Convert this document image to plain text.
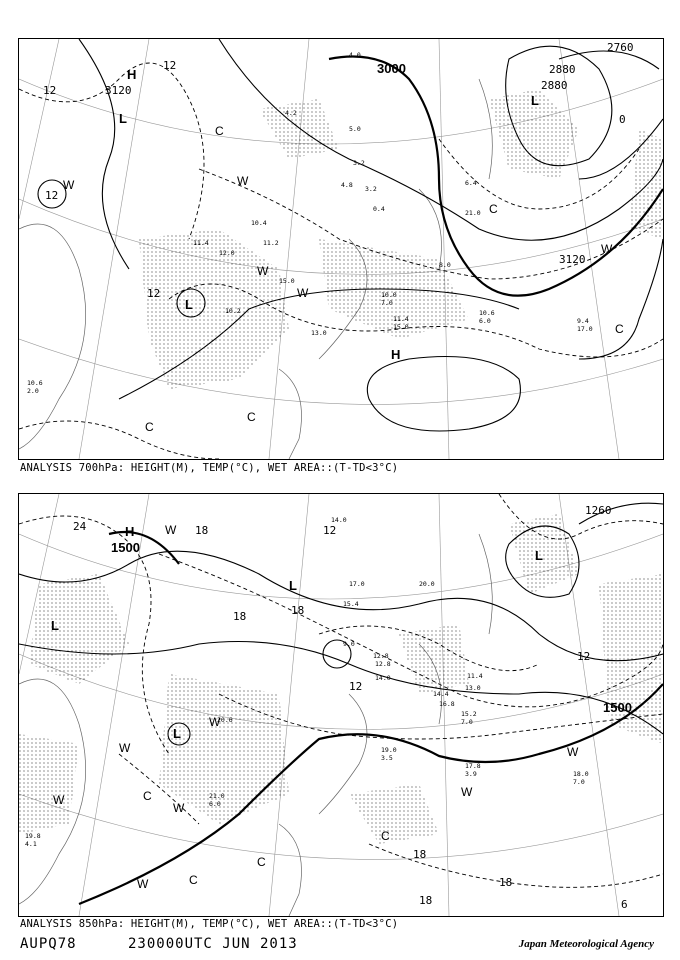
3000
3120
3120
2880
2880
2760
12
12
12
12
0
H
L
L
L
H
W	W
W
W
W
C
C
C
C
C
4.0
4.2
5.0
3.2
4.8 3.2
0.4
10.4
11.2
12.0
10.2
11.4
15.0
10.0
7.0
11.4
15.0
10.6
6.0	9.4
17.0
10.6
2.0
13.0
8.0
6.4
21.0
ANALYSIS 700hPa: HEIGHT(M), TEMP(°C), WET AREA::(T-TD<3°C)
1500
1500
1260
24	18
18	18
12
12
12
18
18
18	6
H
L
L
L
L
W
W
W
W
W
W
W
W
C
C
C
C
14.0
17.0	20.0
15.4
9.0
14.0
12.8
14.4
15.2
7.0
19.0
3.5
17.8
3.9	18.0
7.0
20.6
21.0
6.0
19.8
4.1
16.8
12.8
11.4
13.0
ANALYSIS 850hPa: HEIGHT(M), TEMP(°C), WET AREA::(T-TD<3°C)
AUPQ78	230000UTC JUN 2013	Japan Meteorological Agency
